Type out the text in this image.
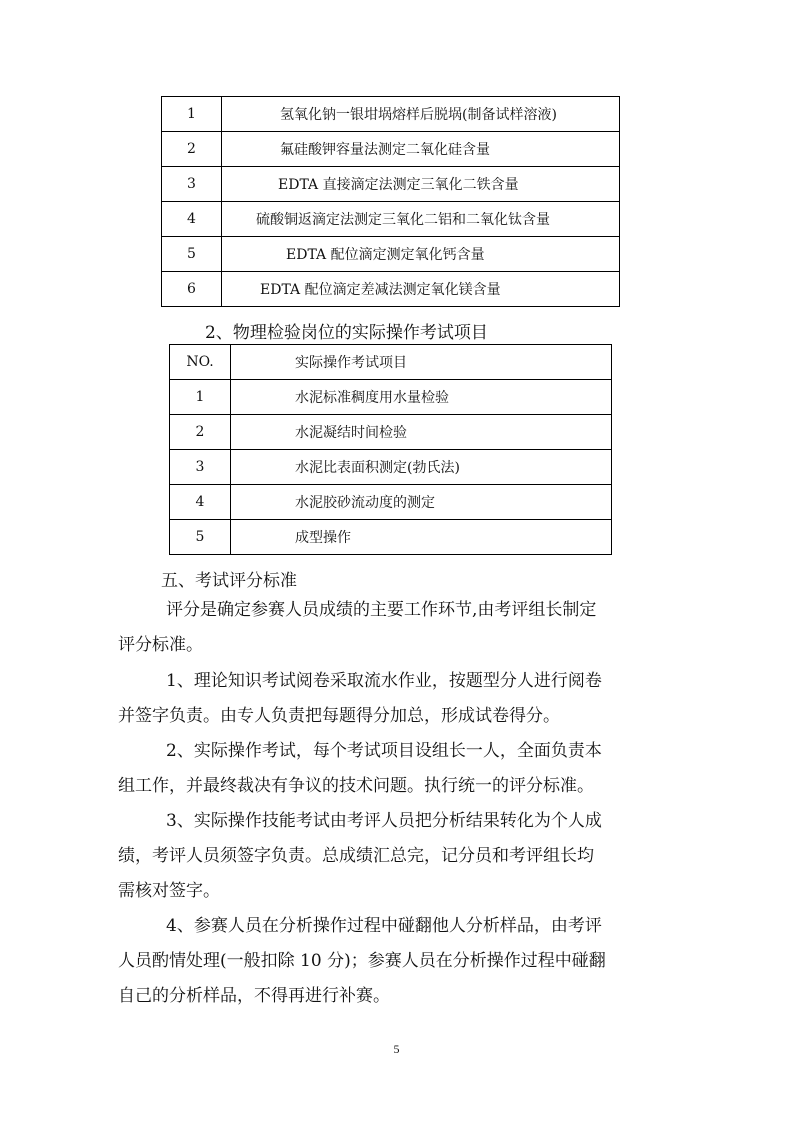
1	氢氧化钠一银坩埚熔样后脱埚(制备试样溶液)
2	氟硅酸钾容量法测定二氧化硅含量
3	EDTA 直接滴定法测定三氧化二铁含量
4	硫酸铜返滴定法测定三氧化二铝和二氧化钛含量
5	EDTA 配位滴定测定氧化钙含量
6	EDTA 配位滴定差减法测定氧化镁含量
2、物理检验岗位的实际操作考试项目
NO.	实际操作考试项目
1	水泥标准稠度用水量检验
2	水泥凝结时间检验
3	水泥比表面积测定(勃氏法)
4	水泥胶砂流动度的测定
5	成型操作
五、考试评分标准
评分是确定参赛人员成绩的主要工作环节,由考评组长制定
评分标准。
1、理论知识考试阅卷采取流水作业，按题型分人进行阅卷
并签字负责。由专人负责把每题得分加总，形成试卷得分。
2、实际操作考试，每个考试项目设组长一人，全面负责本
组工作，并最终裁决有争议的技术问题。执行统一的评分标准。
3、实际操作技能考试由考评人员把分析结果转化为个人成
绩，考评人员须签字负责。总成绩汇总完，记分员和考评组长均
需核对签字。
4、参赛人员在分析操作过程中碰翻他人分析样品，由考评
人员酌情处理(一般扣除 10 分)；参赛人员在分析操作过程中碰翻
自己的分析样品，不得再进行补赛。
5
